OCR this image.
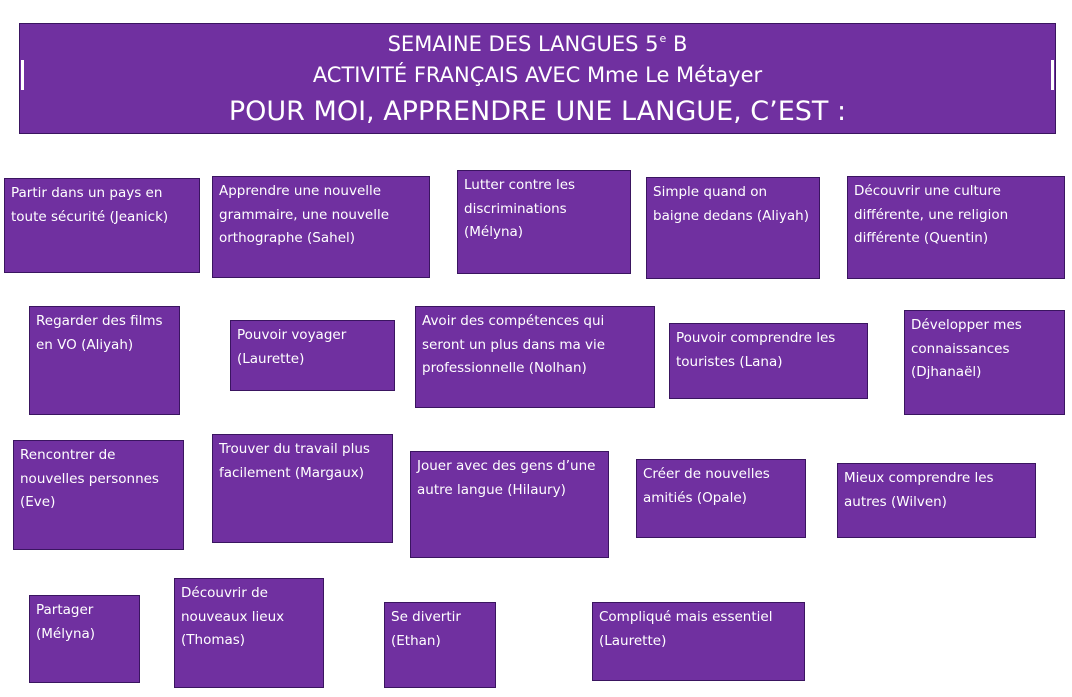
SEMAINE DES LANGUES 5e B
ACTIVITÉ FRANÇAIS AVEC Mme Le Métayer
POUR MOI, APPRENDRE UNE LANGUE, C’EST :
Partir dans un pays en toute sécurité (Jeanick)
Apprendre une nouvelle grammaire, une nouvelle orthographe (Sahel)
Lutter contre les discriminations (Mélyna)
Simple quand on baigne dedans (Aliyah)
Découvrir une culture différente, une religion différente (Quentin)
Regarder des films en VO (Aliyah)
Pouvoir voyager (Laurette)
Avoir des compétences qui seront un plus dans ma vie professionnelle (Nolhan)
Pouvoir comprendre les touristes (Lana)
Développer mes connaissances (Djhanaël)
Rencontrer de nouvelles personnes (Eve)
Trouver du travail plus facilement (Margaux)	Jouer avec des gens d’une autre langue (Hilaury)
Créer de nouvelles amitiés (Opale)
Mieux comprendre les autres (Wilven)
Partager (Mélyna)
Découvrir de nouveaux lieux (Thomas)
Se divertir (Ethan)
Compliqué mais essentiel (Laurette)
